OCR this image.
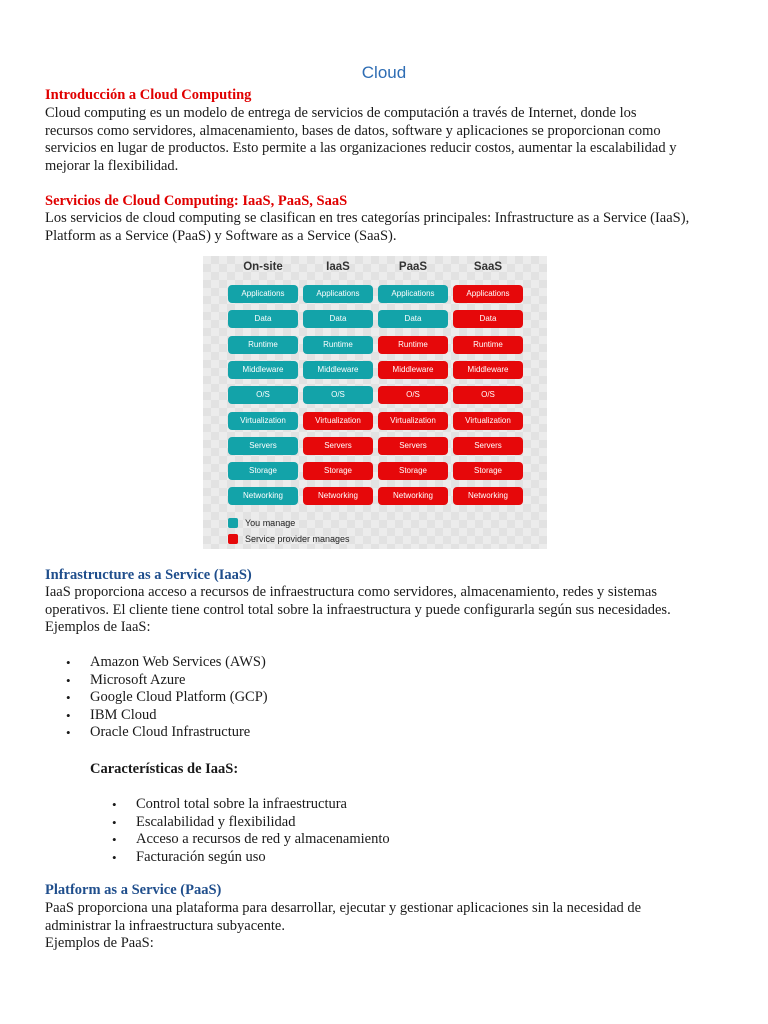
Cloud
Introducción a Cloud Computing

Cloud computing es un modelo de entrega de servicios de computación a través de Internet, donde los
recursos como servidores, almacenamiento, bases de datos, software y aplicaciones se proporcionan como
servicios en lugar de productos. Esto permite a las organizaciones reducir costos, aumentar la escalabilidad y
mejorar la flexibilidad.

Servicios de Cloud Computing: IaaS, PaaS, SaaS

Los servicios de cloud computing se clasifican en tres categorías principales: Infrastructure as a Service (IaaS),
Platform as a Service (PaaS) y Software as a Service (SaaS).

On-site
Applications
Data
Runtime
Middleware
O/S
Virtualization
Servers
Storage
Networking
IaaS
Applications
Data
Runtime
Middleware
O/S
Virtualization
Servers
Storage
Networking
PaaS
Applications
Data
Runtime
Middleware
O/S
Virtualization
Servers
Storage
Networking
SaaS
Applications
Data
Runtime
Middleware
O/S
Virtualization
Servers
Storage
Networking
You manage
Service provider manages
Infrastructure as a Service (IaaS)

IaaS proporciona acceso a recursos de infraestructura como servidores, almacenamiento, redes y sistemas
operativos. El cliente tiene control total sobre la infraestructura y puede configurarla según sus necesidades.
Ejemplos de IaaS:

• Amazon Web Services (AWS)
• Microsoft Azure
• Google Cloud Platform (GCP)
• IBM Cloud
• Oracle Cloud Infrastructure
Características de IaaS:
• Control total sobre la infraestructura
• Escalabilidad y flexibilidad
• Acceso a recursos de red y almacenamiento
• Facturación según uso
Platform as a Service (PaaS)

PaaS proporciona una plataforma para desarrollar, ejecutar y gestionar aplicaciones sin la necesidad de
administrar la infraestructura subyacente.
Ejemplos de PaaS:
